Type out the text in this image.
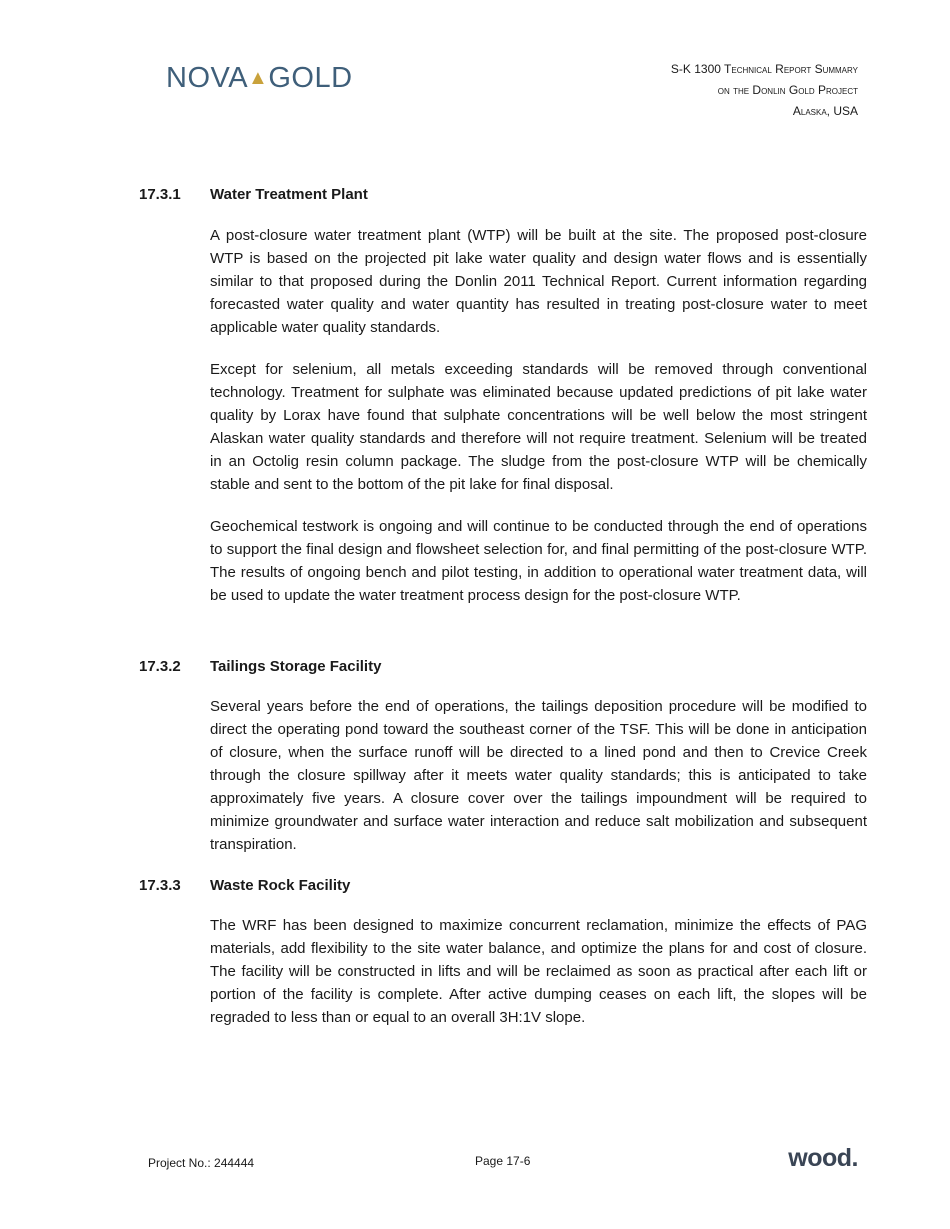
NOVA▲GOLD	S-K 1300 Technical Report Summary
on the Donlin Gold Project
Alaska, USA
17.3.1	Water Treatment Plant

A post-closure water treatment plant (WTP) will be built at the site. The proposed post-closure WTP is based on the projected pit lake water quality and design water flows and is essentially similar to that proposed during the Donlin 2011 Technical Report. Current information regarding forecasted water quality and water quantity has resulted in treating post-closure water to meet applicable water quality standards.

Except for selenium, all metals exceeding standards will be removed through conventional technology. Treatment for sulphate was eliminated because updated predictions of pit lake water quality by Lorax have found that sulphate concentrations will be well below the most stringent Alaskan water quality standards and therefore will not require treatment. Selenium will be treated in an Octolig resin column package. The sludge from the post-closure WTP will be chemically stable and sent to the bottom of the pit lake for final disposal.

Geochemical testwork is ongoing and will continue to be conducted through the end of operations to support the final design and flowsheet selection for, and final permitting of the post-closure WTP. The results of ongoing bench and pilot testing, in addition to operational water treatment data, will be used to update the water treatment process design for the post-closure WTP.

17.3.2	Tailings Storage Facility

Several years before the end of operations, the tailings deposition procedure will be modified to direct the operating pond toward the southeast corner of the TSF. This will be done in anticipation of closure, when the surface runoff will be directed to a lined pond and then to Crevice Creek through the closure spillway after it meets water quality standards; this is anticipated to take approximately five years. A closure cover over the tailings impoundment will be required to minimize groundwater and surface water interaction and reduce salt mobilization and subsequent transpiration.

17.3.3	Waste Rock Facility

The WRF has been designed to maximize concurrent reclamation, minimize the effects of PAG materials, add flexibility to the site water balance, and optimize the plans for and cost of closure. The facility will be constructed in lifts and will be reclaimed as soon as practical after each lift or portion of the facility is complete. After active dumping ceases on each lift, the slopes will be regraded to less than or equal to an overall 3H:1V slope.

Project No.: 244444	Page 17-6	wood.
